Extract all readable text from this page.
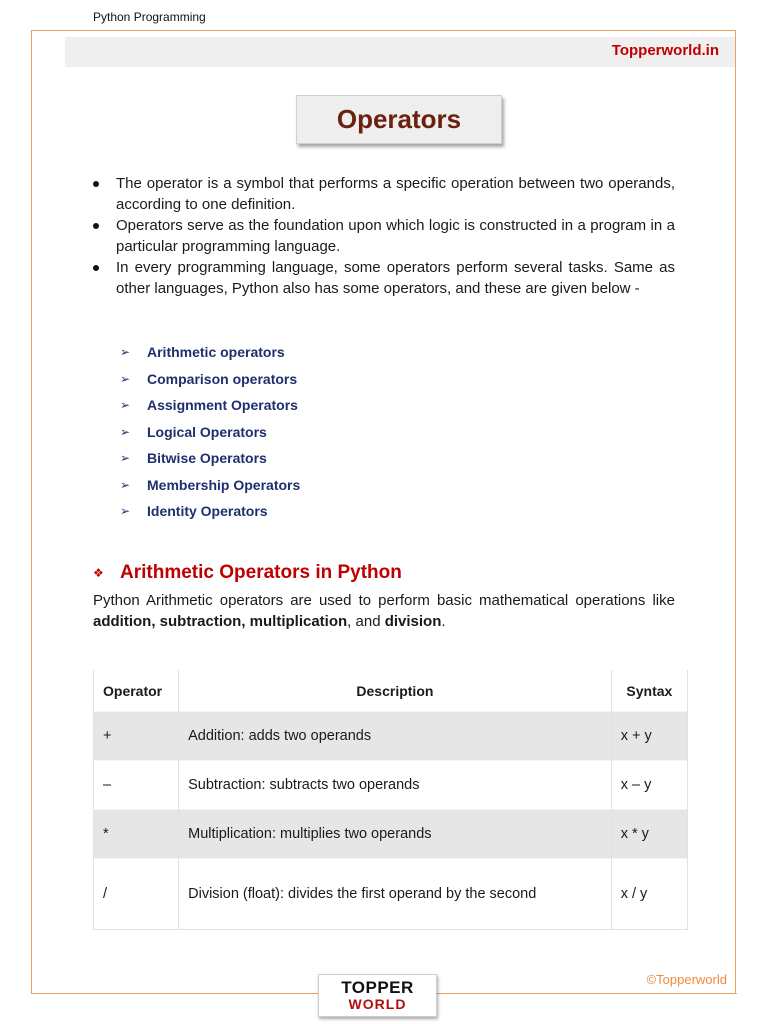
Python Programming
Topperworld.in
Operators
The operator is a symbol that performs a specific operation between two operands, according to one definition.
Operators serve as the foundation upon which logic is constructed in a program in a particular programming language.
In every programming language, some operators perform several tasks. Same as other languages, Python also has some operators, and these are given below -
➢	Arithmetic operators
➢	Comparison operators
➢	Assignment Operators
➢	Logical Operators
➢	Bitwise Operators
➢	Membership Operators
➢	Identity Operators
❖ Arithmetic Operators in Python

Python Arithmetic operators are used to perform basic mathematical operations like addition, subtraction, multiplication, and division.

Operator	Description	Syntax
+	Addition: adds two operands	x + y
–	Subtraction: subtracts two operands	x – y
*	Multiplication: multiplies two operands	x * y
/	Division (float): divides the first operand by the second	x / y
©Topperworld
TOPPER
WORLD
